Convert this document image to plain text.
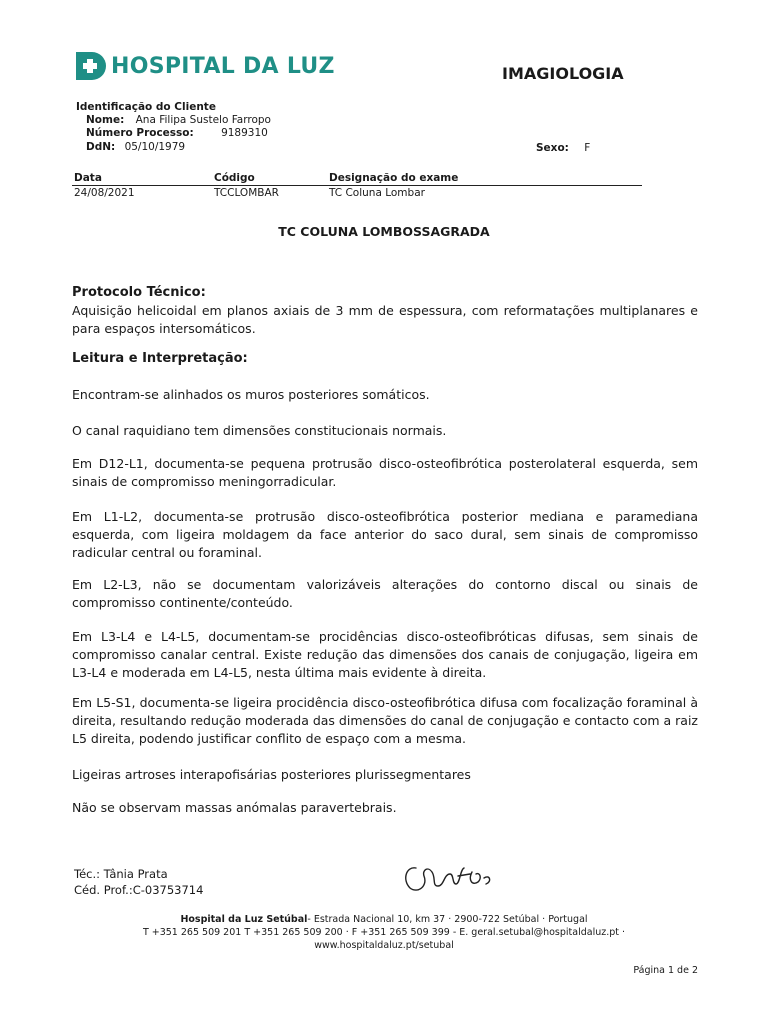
HOSPITAL DA LUZ	IMAGIOLOGIA
Identificação do Cliente
Nome: Ana Filipa Sustelo Farropo
Número Processo:	9189310
DdN: 05/10/1979	Sexo: F
Data	Código	Designação do exame
24/08/2021	TCCLOMBAR	TC Coluna Lombar
TC COLUNA LOMBOSSAGRADA
Protocolo Técnico:
Aquisição helicoidal em planos axiais de 3 mm de espessura, com reformatações multiplanares e para espaços intersomáticos.
Leitura e Interpretação:
Encontram-se alinhados os muros posteriores somáticos.
O canal raquidiano tem dimensões constitucionais normais.
Em D12-L1, documenta-se pequena protrusão disco-osteofibrótica posterolateral esquerda, sem sinais de compromisso meningorradicular.
Em L1-L2, documenta-se protrusão disco-osteofibrótica posterior mediana e paramediana esquerda, com ligeira moldagem da face anterior do saco dural, sem sinais de compromisso radicular central ou foraminal.
Em L2-L3, não se documentam valorizáveis alterações do contorno discal ou sinais de compromisso continente/conteúdo.
Em L3-L4 e L4-L5, documentam-se procidências disco-osteofibróticas difusas, sem sinais de compromisso canalar central. Existe redução das dimensões dos canais de conjugação, ligeira em L3-L4 e moderada em L4-L5, nesta última mais evidente à direita.
Em L5-S1, documenta-se ligeira procidência disco-osteofibrótica difusa com focalização foraminal à direita, resultando redução moderada das dimensões do canal de conjugação e contacto com a raiz L5 direita, podendo justificar conflito de espaço com a mesma.
Ligeiras artroses interapofisárias posteriores plurissegmentares
Não se observam massas anómalas paravertebrais.
Téc.: Tânia Prata
Céd. Prof.:C-03753714
Hospital da Luz Setúbal- Estrada Nacional 10, km 37 · 2900-722 Setúbal · Portugal
T +351 265 509 201 T +351 265 509 200 · F +351 265 509 399 - E. geral.setubal@hospitaldaluz.pt ·
www.hospitaldaluz.pt/setubal
Página 1 de 2
